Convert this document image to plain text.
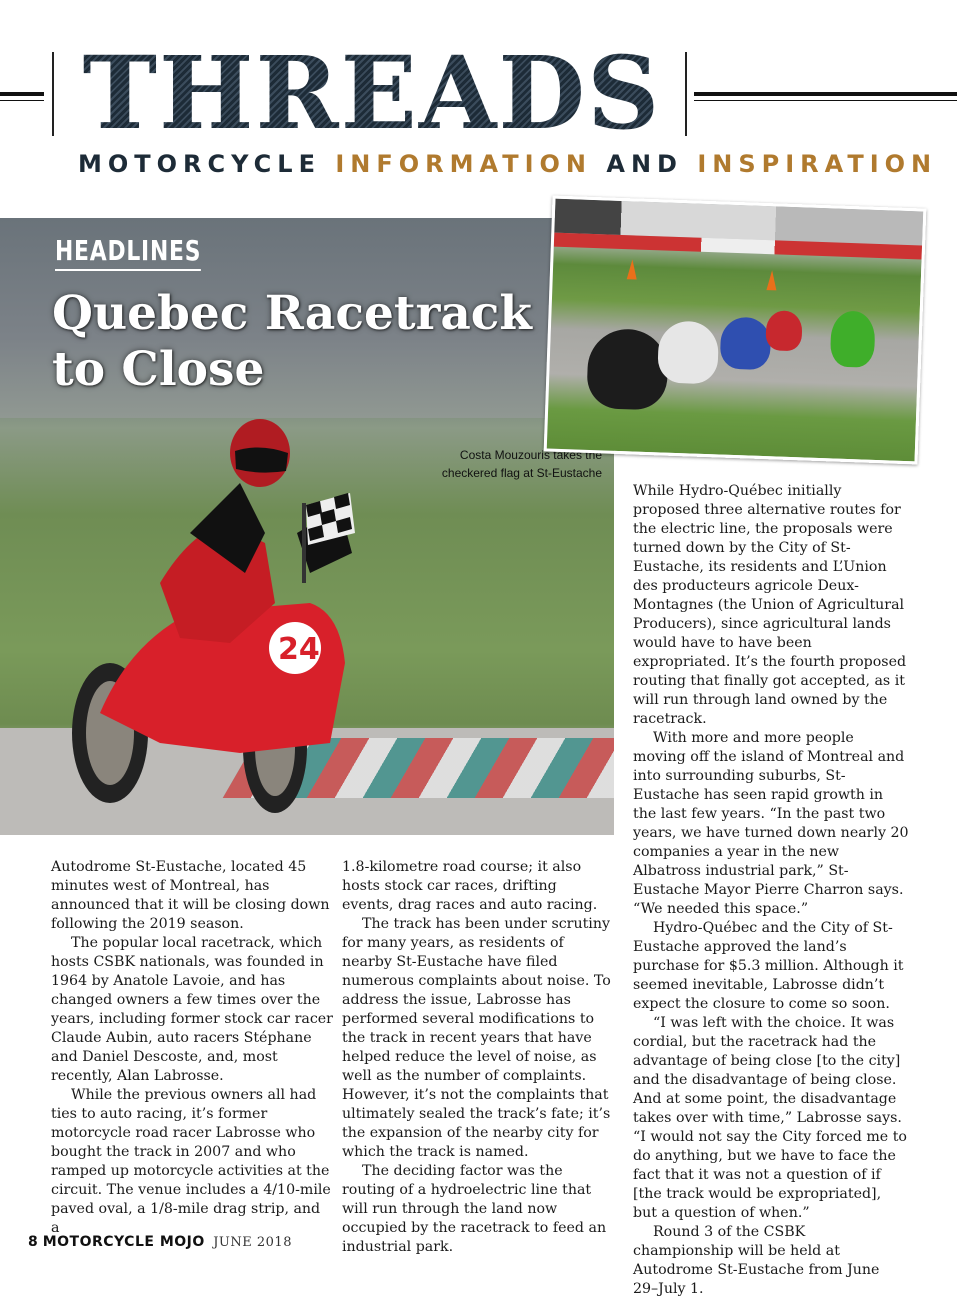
THREADS
MOTORCYCLE INFORMATION AND INSPIRATION
24
HEADLINES
Quebec Racetrack to Close
Costa Mouzouris takes the checkered flag at St-Eustache

Autodrome St-Eustache, located 45 minutes west of Montreal, has announced that it will be closing down following the 2019 season.

The popular local racetrack, which hosts CSBK nationals, was founded in 1964 by Anatole Lavoie, and has changed owners a few times over the years, including former stock car racer Claude Aubin, auto racers Stéphane and Daniel Descoste, and, most recently, Alan Labrosse.

While the previous owners all had ties to auto racing, it’s former motorcycle road racer Labrosse who bought the track in 2007 and who ramped up motorcycle activities at the circuit. The venue includes a 4/10-mile paved oval, a 1/8-mile drag strip, and a

1.8-kilometre road course; it also hosts stock car races, drifting events, drag races and auto racing.

The track has been under scrutiny for many years, as residents of nearby St-Eustache have filed numerous complaints about noise. To address the issue, Labrosse has performed several modifications to the track in recent years that have helped reduce the level of noise, as well as the number of complaints. However, it’s not the complaints that ultimately sealed the track’s fate; it’s the expansion of the nearby city for which the track is named.

The deciding factor was the routing of a hydroelectric line that will run through the land now occupied by the racetrack to feed an industrial park.

While Hydro-Québec initially proposed three alternative routes for the electric line, the proposals were turned down by the City of St-Eustache, its residents and L’Union des producteurs agricole Deux-Montagnes (the Union of Agricultural Producers), since agricultural lands would have to have been expropriated. It’s the fourth proposed routing that finally got accepted, as it will run through land owned by the racetrack.

With more and more people moving off the island of Montreal and into surrounding suburbs, St-Eustache has seen rapid growth in the last few years. “In the past two years, we have turned down nearly 20 companies a year in the new Albatross industrial park,” St-Eustache Mayor Pierre Charron says. “We needed this space.”

Hydro-Québec and the City of St-Eustache approved the land’s purchase for $5.3 million. Although it seemed inevitable, Labrosse didn’t expect the closure to come so soon.

“I was left with the choice. It was cordial, but the racetrack had the advantage of being close [to the city] and the disadvantage of being close. And at some point, the disadvantage takes over with time,” Labrosse says. “I would not say the City forced me to do anything, but we have to face the fact that it was not a question of if [the track would be expropriated], but a question of when.”

Round 3 of the CSBK championship will be held at Autodrome St-Eustache from June 29–July 1.

8 MOTORCYCLE MOJO JUNE 2018
